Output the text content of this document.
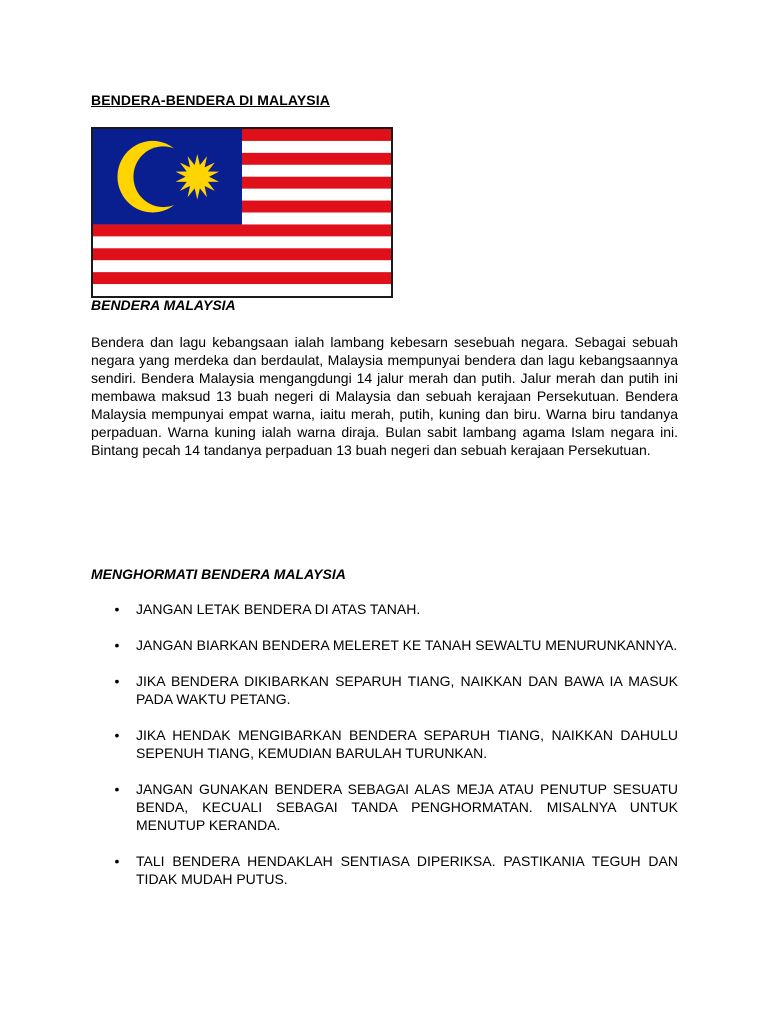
BENDERA-BENDERA DI MALAYSIA
BENDERA MALAYSIA
Bendera dan lagu kebangsaan ialah lambang kebesarn sesebuah negara. Sebagai sebuah negara yang merdeka dan berdaulat, Malaysia mempunyai bendera dan lagu kebangsaannya sendiri. Bendera Malaysia mengangdungi 14 jalur merah dan putih. Jalur merah dan putih ini membawa maksud 13 buah negeri di Malaysia dan sebuah kerajaan Persekutuan. Bendera Malaysia mempunyai empat warna, iaitu merah, putih, kuning dan biru. Warna biru tandanya perpaduan. Warna kuning ialah warna diraja. Bulan sabit lambang agama Islam negara ini. Bintang pecah 14 tandanya perpaduan 13 buah negeri dan sebuah kerajaan Persekutuan.
MENGHORMATI BENDERA MALAYSIA
• JANGAN LETAK BENDERA DI ATAS TANAH.
• JANGAN BIARKAN BENDERA MELERET KE TANAH SEWALTU MENURUNKANNYA.
• JIKA BENDERA DIKIBARKAN SEPARUH TIANG, NAIKKAN DAN BAWA IA MASUK PADA WAKTU PETANG.
• JIKA HENDAK MENGIBARKAN BENDERA SEPARUH TIANG, NAIKKAN DAHULU SEPENUH TIANG, KEMUDIAN BARULAH TURUNKAN.
• JANGAN GUNAKAN BENDERA SEBAGAI ALAS MEJA ATAU PENUTUP SESUATU BENDA, KECUALI SEBAGAI TANDA PENGHORMATAN. MISALNYA UNTUK MENUTUP KERANDA.
• TALI BENDERA HENDAKLAH SENTIASA DIPERIKSA. PASTIKANIA TEGUH DAN TIDAK MUDAH PUTUS.
